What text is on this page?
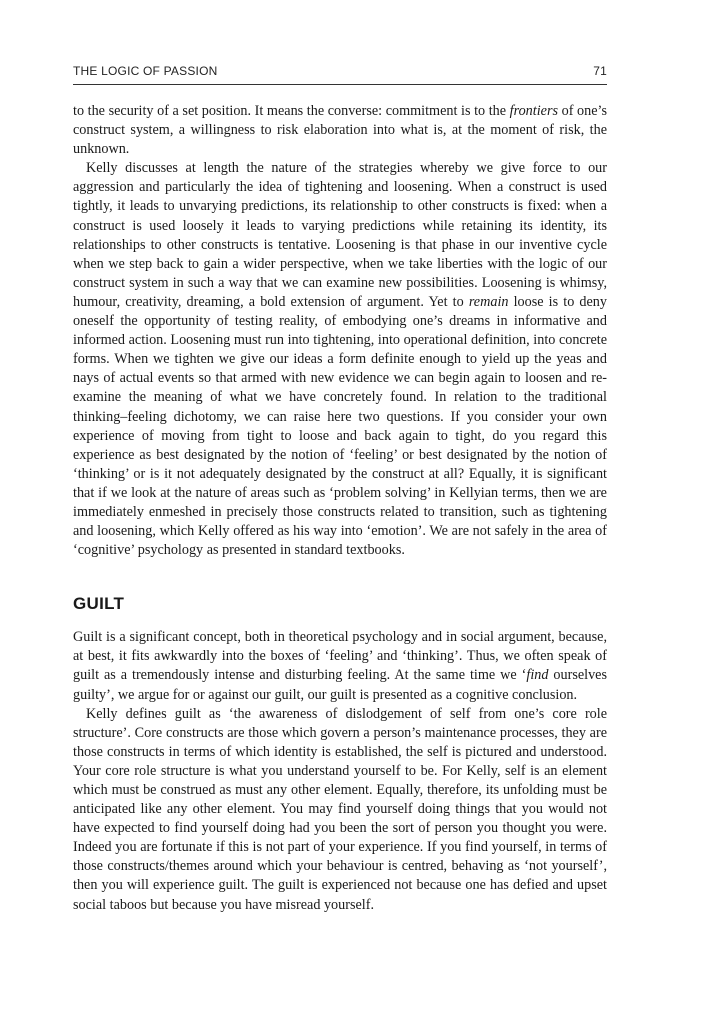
THE LOGIC OF PASSION	71

to the security of a set position. It means the converse: commitment is to the frontiers of one’s construct system, a willingness to risk elaboration into what is, at the moment of risk, the unknown.

Kelly discusses at length the nature of the strategies whereby we give force to our aggression and particularly the idea of tightening and loosening. When a construct is used tightly, it leads to unvarying predictions, its relationship to other constructs is fixed: when a construct is used loosely it leads to varying predictions while retaining its identity, its relationships to other constructs is tentative. Loosening is that phase in our inventive cycle when we step back to gain a wider perspective, when we take liberties with the logic of our construct system in such a way that we can examine new possibilities. Loosening is whimsy, humour, creativity, dreaming, a bold extension of argument. Yet to remain loose is to deny oneself the opportunity of testing reality, of embodying one’s dreams in informative and informed action. Loosening must run into tightening, into operational definition, into concrete forms. When we tighten we give our ideas a form definite enough to yield up the yeas and nays of actual events so that armed with new evidence we can begin again to loosen and re-examine the meaning of what we have concretely found. In relation to the traditional thinking–feeling dichotomy, we can raise here two questions. If you consider your own experience of moving from tight to loose and back again to tight, do you regard this experience as best designated by the notion of ‘feeling’ or best designated by the notion of ‘thinking’ or is it not adequately designated by the construct at all? Equally, it is significant that if we look at the nature of areas such as ‘problem solving’ in Kellyian terms, then we are immediately enmeshed in precisely those constructs related to transition, such as tightening and loosening, which Kelly offered as his way into ‘emotion’. We are not safely in the area of ‘cognitive’ psychology as presented in standard textbooks.

GUILT

Guilt is a significant concept, both in theoretical psychology and in social argument, because, at best, it fits awkwardly into the boxes of ‘feeling’ and ‘thinking’. Thus, we often speak of guilt as a tremendously intense and disturbing feeling. At the same time we ‘find ourselves guilty’, we argue for or against our guilt, our guilt is presented as a cognitive conclusion.

Kelly defines guilt as ‘the awareness of dislodgement of self from one’s core role structure’. Core constructs are those which govern a person’s maintenance processes, they are those constructs in terms of which identity is established, the self is pictured and understood. Your core role structure is what you understand yourself to be. For Kelly, self is an element which must be construed as must any other element. Equally, therefore, its unfolding must be anticipated like any other element. You may find yourself doing things that you would not have expected to find yourself doing had you been the sort of person you thought you were. Indeed you are fortunate if this is not part of your experience. If you find yourself, in terms of those constructs/themes around which your behaviour is centred, behaving as ‘not yourself’, then you will experience guilt. The guilt is experienced not because one has defied and upset social taboos but because you have misread yourself.
